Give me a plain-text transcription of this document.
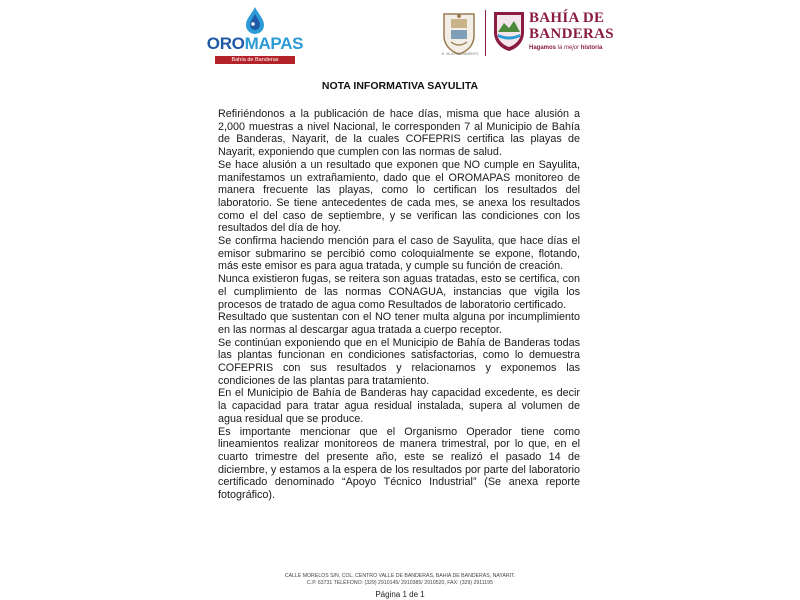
OROMAPAS
Bahía de Banderas
H. XII AYUNTAMIENTO
BAHÍA DE
BANDERAS
Hagamos la mejor historia
NOTA INFORMATIVA SAYULITA

Refiriéndonos a la publicación de hace días, misma que hace alusión a 2,000 muestras a nivel Nacional, le corresponden 7 al Municipio de Bahía de Banderas, Nayarit, de la cuales COFEPRIS certifica las playas de Nayarit, exponiendo que cumplen con las normas de salud.

Se hace alusión a un resultado que exponen que NO cumple en Sayulita, manifestamos un extrañamiento, dado que el OROMAPAS monitoreo de manera frecuente las playas, como lo certifican los resultados del laboratorio. Se tiene antecedentes de cada mes, se anexa los resultados como el del caso de septiembre, y se verifican las condiciones con los resultados del día de hoy.

Se confirma haciendo mención para el caso de Sayulita, que hace días el emisor submarino se percibió como coloquialmente se expone, flotando, más este emisor es para agua tratada, y cumple su función de creación.

Nunca existieron fugas, se reitera son aguas tratadas, esto se certifica, con el cumplimiento de las normas CONAGUA, instancias que vigila los procesos de tratado de agua como Resultados de laboratorio certificado.

Resultado que sustentan con el NO tener multa alguna por incumplimiento en las normas al descargar agua tratada a cuerpo receptor.

Se continúan exponiendo que en el Municipio de Bahía de Banderas todas las plantas funcionan en condiciones satisfactorias, como lo demuestra COFEPRIS con sus resultados y relacionamos y exponemos las condiciones de las plantas para tratamiento.

En el Municipio de Bahía de Banderas hay capacidad excedente, es decir la capacidad para tratar agua residual instalada, supera al volumen de agua residual que se produce.

Es importante mencionar que el Organismo Operador tiene como lineamientos realizar monitoreos de manera trimestral, por lo que, en el cuarto trimestre del presente año, este se realizó el pasado 14 de diciembre, y estamos a la espera de los resultados por parte del laboratorio certificado denominado “Apoyo Técnico Industrial” (Se anexa reporte fotográfico).

CALLE MORELOS S/N, COL. CENTRO VALLE DE BANDERAS, BAHIA DE BANDERAS, NAYARIT.
C.P. 63731 TELÉFONO: (329) 2910145/ 2910385/ 2910520, FAX: (329) 2911195
Página 1 de 1
